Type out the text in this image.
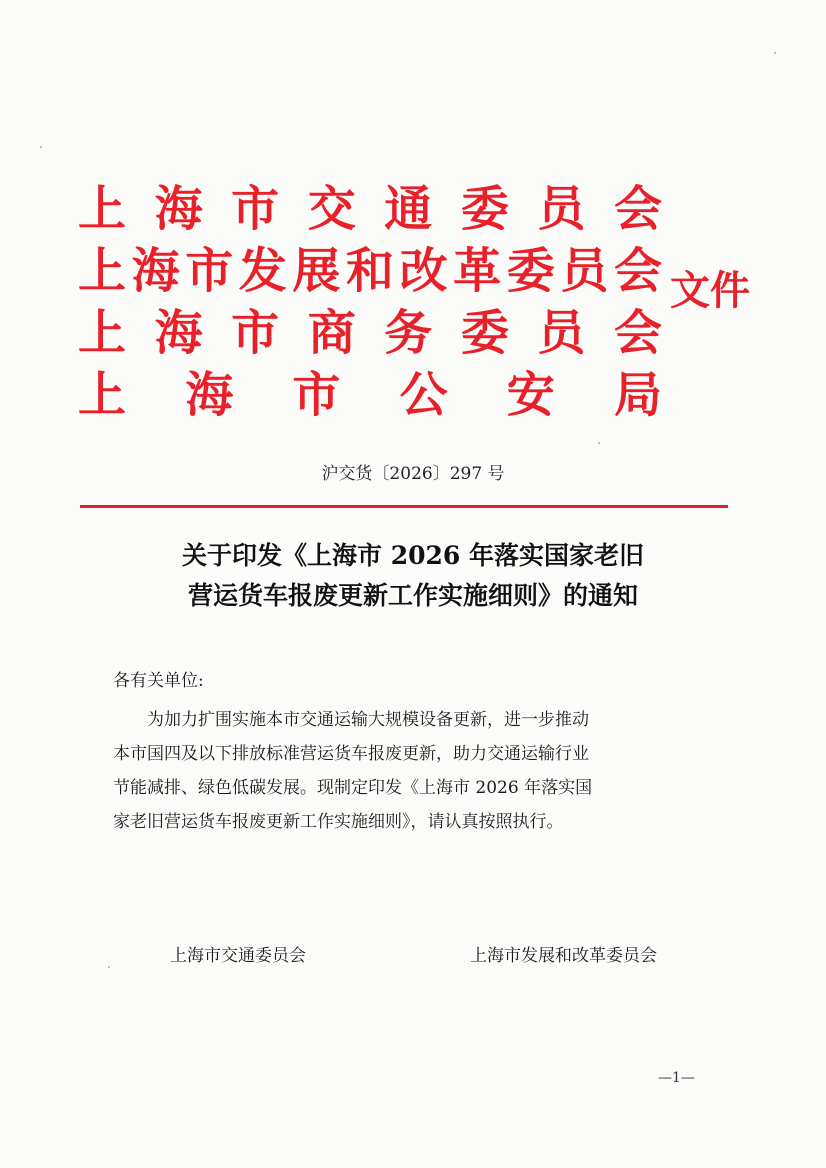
上 海 市 交 通 委 员 会
上 海 市 发 展 和 改 革 委 员 会
上 海 市 商 务 委 员 会
上 海 市 公 安 局
文件
沪交货〔2026〕297 号
关于印发《上海市 2026 年落实国家老旧
营运货车报废更新工作实施细则》的通知
各有关单位:
为加力扩围实施本市交通运输大规模设备更新，进一步推动
本市国四及以下排放标准营运货车报废更新，助力交通运输行业
节能减排、绿色低碳发展。现制定印发《上海市 2026 年落实国
家老旧营运货车报废更新工作实施细则》，请认真按照执行。
上海市交通委员会	上海市发展和改革委员会
—1—
